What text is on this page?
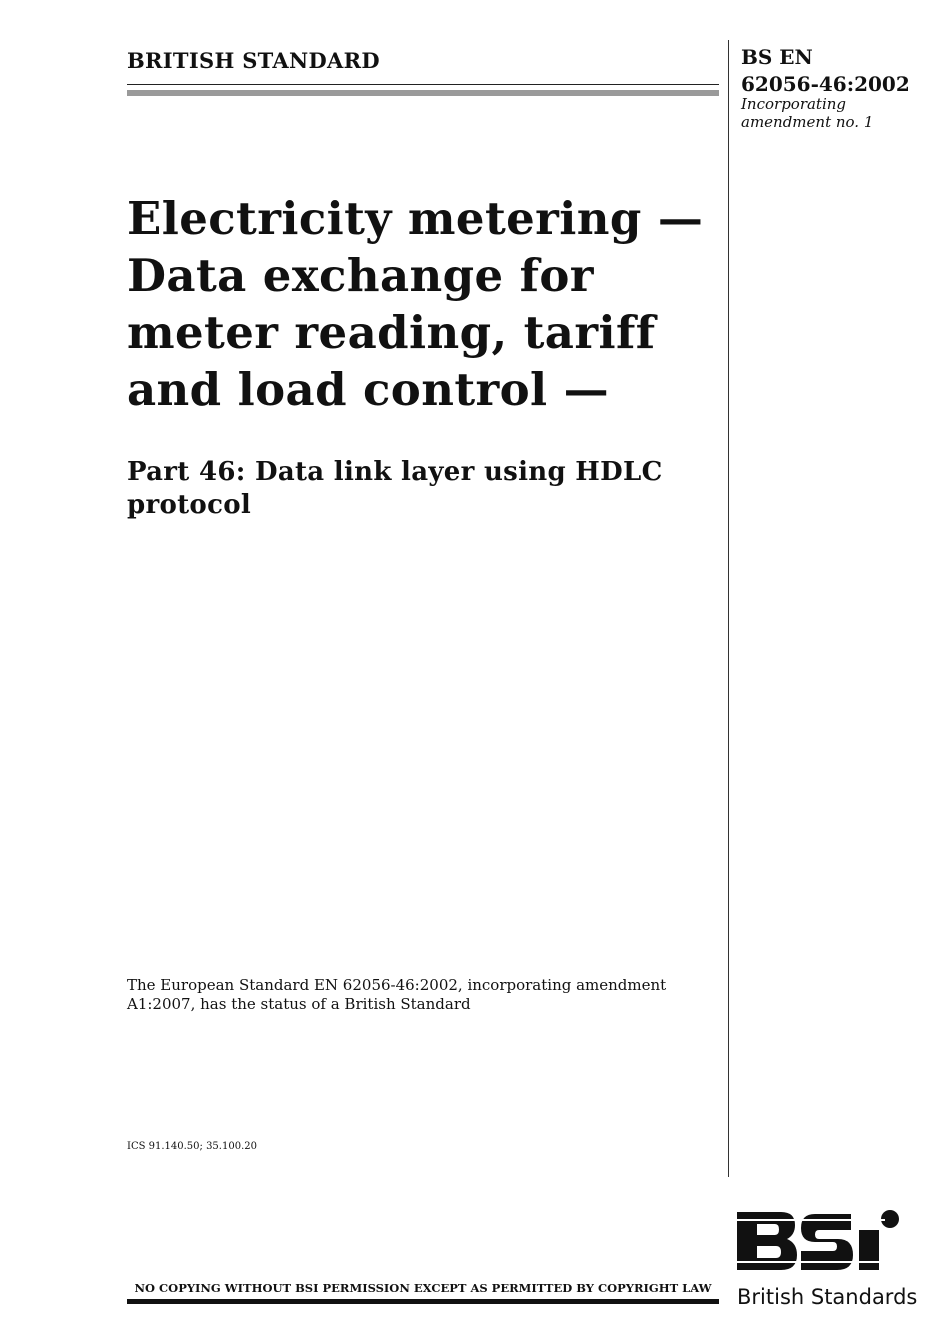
BRITISH STANDARD	BS EN
62056-46:2002
Incorporating
amendment no. 1
Electricity metering —
Data exchange for
meter reading, tariff
and load control —
Part 46: Data link layer using HDLC
protocol
The European Standard EN 62056-46:2002, incorporating amendment
A1:2007, has the status of a British Standard
ICS 91.140.50; 35.100.20
NO COPYING WITHOUT BSI PERMISSION EXCEPT AS PERMITTED BY COPYRIGHT LAW	British Standards
